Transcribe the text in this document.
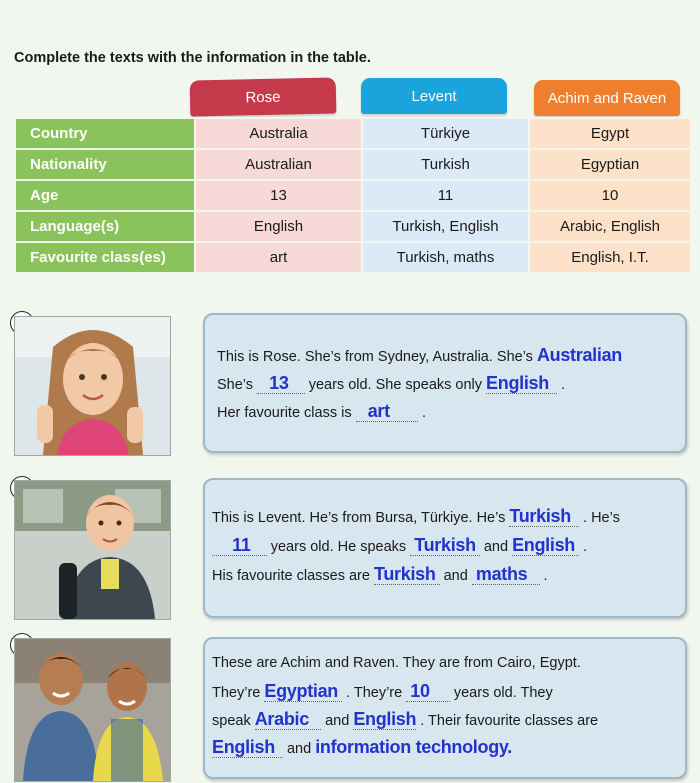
Complete the texts with the information in the table.
Rose	Levent	Achim and Raven
Country	Australia	Türkiye	Egypt
Nationality	Australian	Turkish	Egyptian
Age	13	11	10
Language(s)	English	Turkish, English	Arabic, English
Favourite class(es)	art	Turkish, maths	English, I.T.
This is Rose. She’s from Sydney, Australia. She’s Australian
She’s    13     years old. She speaks only English   .
Her favourite class is    art        .
This is Levent. He’s from Bursa, Türkiye. He’s Turkish   . He’s
11     years old. He speaks  Turkish  and English  .
His favourite classes are Turkish  and  maths    .
These are Achim and Raven. They are from Cairo, Egypt.
They’re Egyptian  . They’re  10      years old. They
speak Arabic    and English . Their favourite classes are
English   and information technology.
